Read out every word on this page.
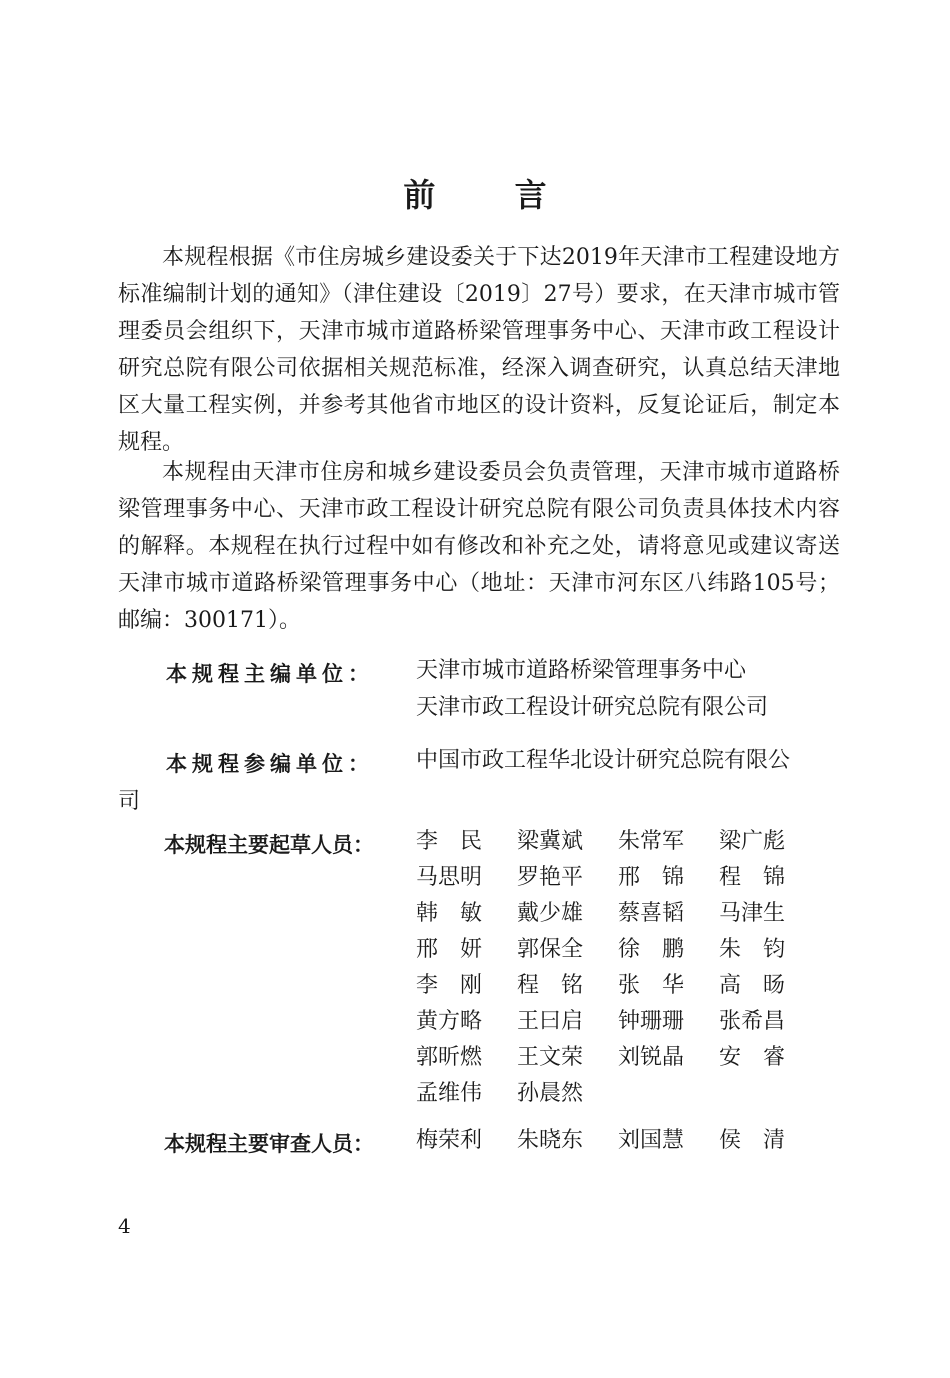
前 言

本规程根据《市住房城乡建设委关于下达2019年天津市工程建设地方标准编制计划的通知》（津住建设〔2019〕27号）要求，在天津市城市管理委员会组织下，天津市城市道路桥梁管理事务中心、天津市政工程设计研究总院有限公司依据相关规范标准，经深入调查研究，认真总结天津地区大量工程实例，并参考其他省市地区的设计资料，反复论证后，制定本规程。

本规程由天津市住房和城乡建设委员会负责管理，天津市城市道路桥梁管理事务中心、天津市政工程设计研究总院有限公司负责具体技术内容的解释。本规程在执行过程中如有修改和补充之处，请将意见或建议寄送天津市城市道路桥梁管理事务中心（地址：天津市河东区八纬路105号；邮编：300171）。

本规程主编单位： 天津市城市道路桥梁管理事务中心
天津市政工程设计研究总院有限公司
本规程参编单位： 中国市政工程华北设计研究总院有限公
司
本规程主要起草人员： 李　民	梁冀斌	朱常军	梁广彪
马思明	罗艳平	邢　锦	程　锦
韩　敏	戴少雄	蔡喜韬	马津生
邢　妍	郭保全	徐　鹏	朱　钧
李　刚	程　铭	张　华	高　旸
黄方略	王曰启	钟珊珊	张希昌
郭昕燃	王文荣	刘锐晶	安　睿
孟维伟	孙晨然
本规程主要审查人员： 梅荣利	朱晓东	刘国慧	侯　清
4
